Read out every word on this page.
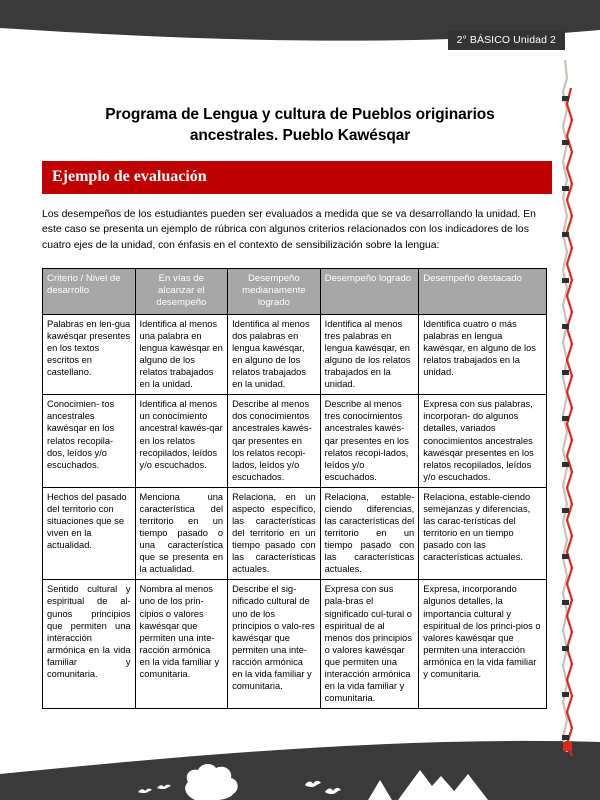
2° BÁSICO Unidad 2
Programa de Lengua y cultura de Pueblos originarios ancestrales. Pueblo Kawésqar
Ejemplo de evaluación

Los desempeños de los estudiantes pueden ser evaluados a medida que se va desarrollando la unidad. En este caso se presenta un ejemplo de rúbrica con algunos criterios relacionados con los indicadores de los cuatro ejes de la unidad, con énfasis en el contexto de sensibilización sobre la lengua:

Criterio / Nivel de desarrollo	En vías de alcanzar el desempeño	Desempeño medianamente logrado	Desempeño logrado	Desempeño destacado
Palabras en len-gua kawésqar presentes en los textos escritos en castellano.	Identifica al menos una palabra en lengua kawésqar en alguno de los relatos trabajados en la unidad.	Identifica al menos dos palabras en lengua kawésqar, en alguno de los relatos trabajados en la unidad.	Identifica al menos tres palabras en lengua kawésqar, en alguno de los relatos trabajados en la unidad.	Identifica cuatro o más palabras en lengua kawésqar, en alguno de los relatos trabajados en la unidad.
Conocimien- tos ancestrales kawésqar en los relatos recopila-dos, leídos y/o escuchados.	Identifica al menos un conocimiento ancestral kawés-qar en los relatos recopilados, leídos y/o escuchados.	Describe al menos dos conocimientos ancestrales kawés-qar presentes en los relatos recopi-lados, leídos y/o escuchados.	Describe al menos tres conocimientos ancestrales kawés-qar presentes en los relatos recopi-lados, leídos y/o escuchados.	Expresa con sus palabras, incorporan- do algunos detalles, variados conocimientos ancestrales kawésqar presentes en los relatos recopilados, leídos y/o escuchados.
Hechos del pasado del territorio con situaciones que se viven en la actualidad.	Menciona una característica del territorio en un tiempo pasado o una característica que se presenta en la actualidad.	Relaciona, en un aspecto específico, las características del territorio en un tiempo pasado con las características actuales.	Relaciona, estable-ciendo diferencias, las características del territorio en un tiempo pasado con las características actuales.	Relaciona, estable-ciendo semejanzas y diferencias, las carac-terísticas del territorio en un tiempo pasado con las características actuales.
Sentido cultural y espiritual de al-gunos principios que permiten una interacción armónica en la vida familiar y comunitaria.	Nombra al menos uno de los prin-cipios o valores kawésqar que permiten una inte-racción armónica en la vida familiar y comunitaria.	Describe el sig-nificado cultural de uno de los principios o valo-res kawésqar que permiten una inte-racción armónica en la vida familiar y comunitaria.	Expresa con sus pala-bras el significado cul-tural o espiritual de al menos dos principios o valores kawésqar que permiten una interacción armónica en la vida familiar y comunitaria.	Expresa, incorporando algunos detalles, la importancia cultural y espiritual de los princi-pios o valores kawésqar que permiten una interacción armónica en la vida familiar y comunitaria.
